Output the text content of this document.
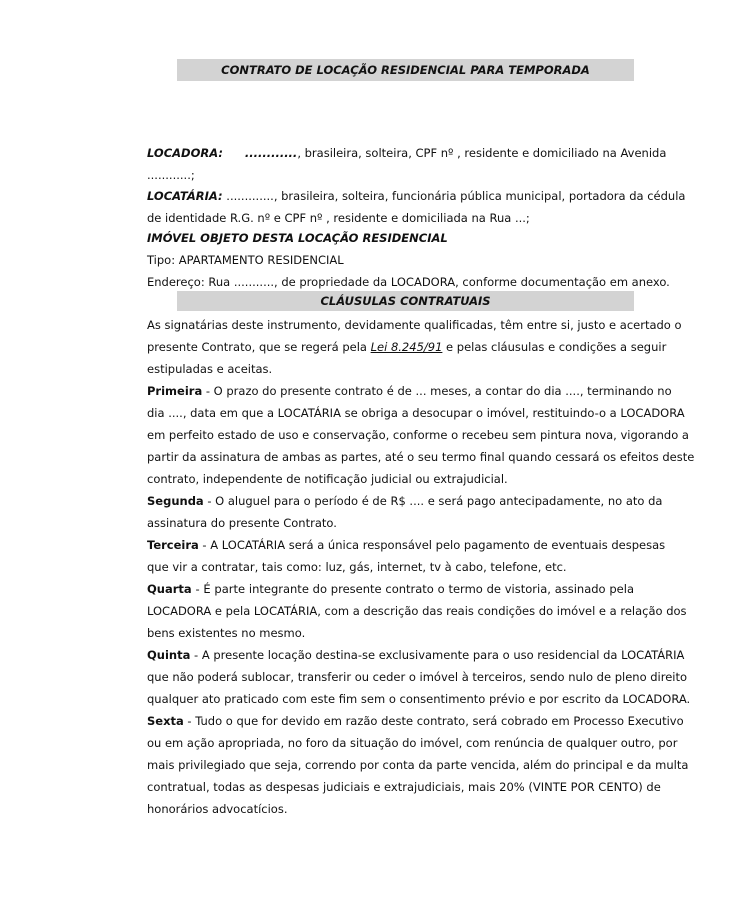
CONTRATO DE LOCAÇÃO RESIDENCIAL PARA TEMPORADA
LOCADORA: ............, brasileira, solteira, CPF nº , residente e domiciliado na Avenida
............;
LOCATÁRIA: ............., brasileira, solteira, funcionária pública municipal, portadora da cédula
de identidade R.G. nº e CPF nº , residente e domiciliada na Rua ...;
IMÓVEL OBJETO DESTA LOCAÇÃO RESIDENCIAL
Tipo: APARTAMENTO RESIDENCIAL
Endereço: Rua ..........., de propriedade da LOCADORA, conforme documentação em anexo.
CLÁUSULAS CONTRATUAIS
As signatárias deste instrumento, devidamente qualificadas, têm entre si, justo e acertado o
presente Contrato, que se regerá pela Lei 8.245/91 e pelas cláusulas e condições a seguir
estipuladas e aceitas.
Primeira - O prazo do presente contrato é de ... meses, a contar do dia ...., terminando no
dia ...., data em que a LOCATÁRIA se obriga a desocupar o imóvel, restituindo-o a LOCADORA
em perfeito estado de uso e conservação, conforme o recebeu sem pintura nova, vigorando a
partir da assinatura de ambas as partes, até o seu termo final quando cessará os efeitos deste
contrato, independente de notificação judicial ou extrajudicial.
Segunda - O aluguel para o período é de R$ .... e será pago antecipadamente, no ato da
assinatura do presente Contrato.
Terceira - A LOCATÁRIA será a única responsável pelo pagamento de eventuais despesas
que vir a contratar, tais como: luz, gás, internet, tv à cabo, telefone, etc.
Quarta - É parte integrante do presente contrato o termo de vistoria, assinado pela
LOCADORA e pela LOCATÁRIA, com a descrição das reais condições do imóvel e a relação dos
bens existentes no mesmo.
Quinta - A presente locação destina-se exclusivamente para o uso residencial da LOCATÁRIA
que não poderá sublocar, transferir ou ceder o imóvel à terceiros, sendo nulo de pleno direito
qualquer ato praticado com este fim sem o consentimento prévio e por escrito da LOCADORA.
Sexta - Tudo o que for devido em razão deste contrato, será cobrado em Processo Executivo
ou em ação apropriada, no foro da situação do imóvel, com renúncia de qualquer outro, por
mais privilegiado que seja, correndo por conta da parte vencida, além do principal e da multa
contratual, todas as despesas judiciais e extrajudiciais, mais 20% (VINTE POR CENTO) de
honorários advocatícios.
